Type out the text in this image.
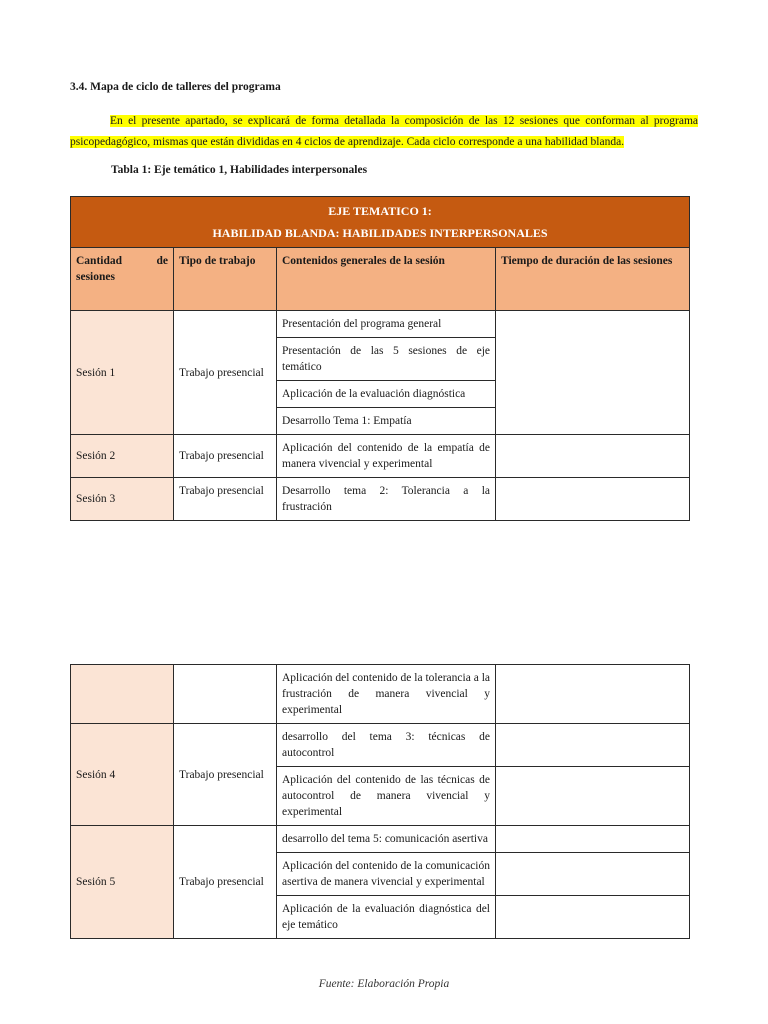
3.4. Mapa de ciclo de talleres del programa
En el presente apartado, se explicará de forma detallada la composición de las 12 sesiones que conforman al programa psicopedagógico, mismas que están divididas en 4 ciclos de aprendizaje. Cada ciclo corresponde a una habilidad blanda.
Tabla 1: Eje temático 1, Habilidades interpersonales
EJE TEMATICO 1:
HABILIDAD BLANDA: HABILIDADES INTERPERSONALES			

Cantidad de sesiones	Tipo de trabajo	Contenidos generales de la sesión	Tiempo de duración de las sesiones
Sesión 1	Trabajo presencial	Presentación del programa general	
		Presentación de las 5 sesiones de eje temático	
		Aplicación de la evaluación diagnóstica	
		Desarrollo Tema 1: Empatía	
Sesión 2	Trabajo presencial	Aplicación del contenido de la empatía de manera vivencial y experimental	
Sesión 3	Trabajo presencial	Desarrollo tema 2: Tolerancia a la frustración	
		Aplicación del contenido de la tolerancia a la frustración de manera vivencial y experimental	
Sesión 4	Trabajo presencial	desarrollo del tema 3: técnicas de autocontrol	
		Aplicación del contenido de las técnicas de autocontrol de manera vivencial y experimental	
Sesión 5	Trabajo presencial	desarrollo del tema 5: comunicación asertiva	
		Aplicación del contenido de la comunicación asertiva de manera vivencial y experimental	
		Aplicación de la evaluación diagnóstica del eje temático	
Fuente: Elaboración Propia
